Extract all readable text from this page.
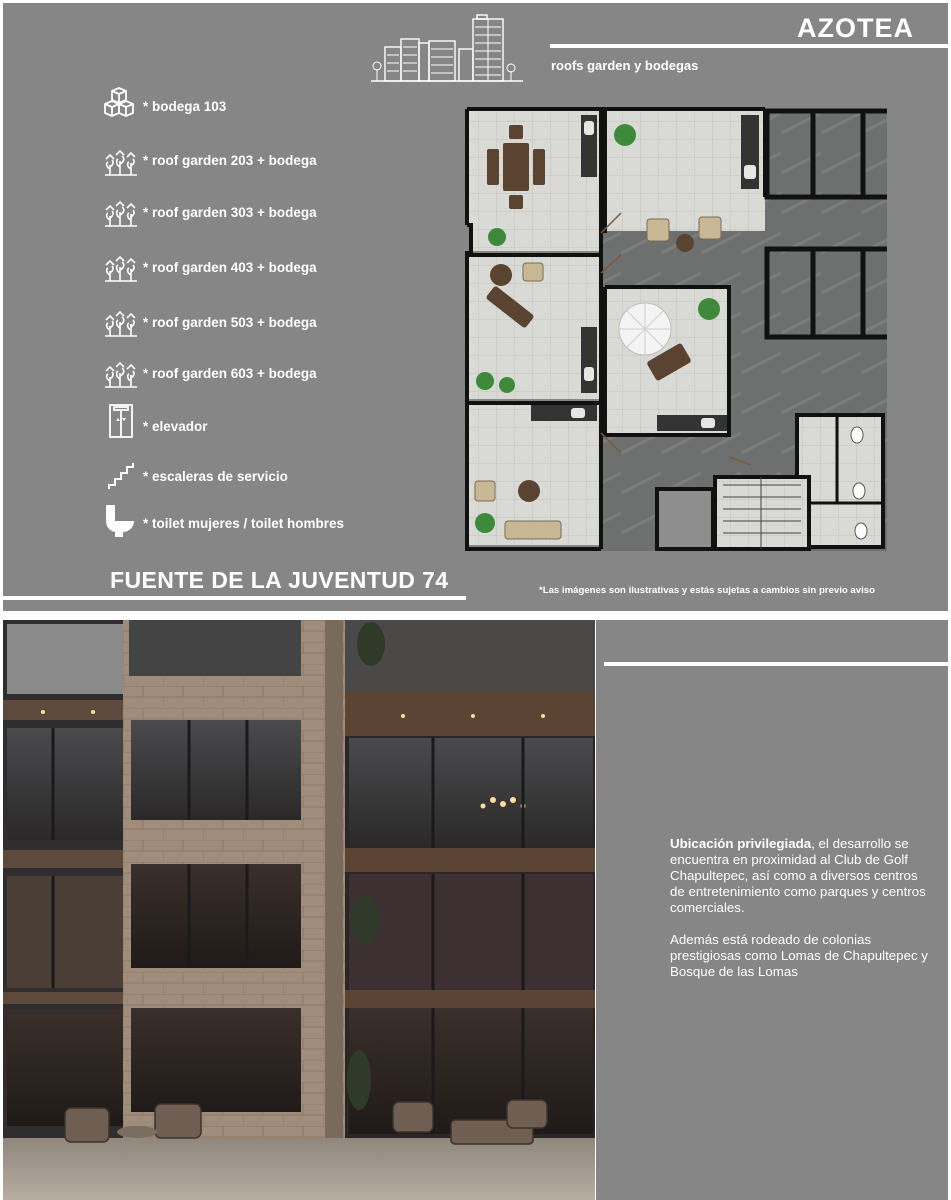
AZOTEA
roofs garden y bodegas
* bodega 103
* roof garden 203 + bodega
* roof garden 303 + bodega
* roof garden 403 + bodega
* roof garden 503 + bodega
* roof garden 603 + bodega
* elevador
* escaleras de servicio
* toilet mujeres / toilet hombres
FUENTE DE LA JUVENTUD 74	*Las imágenes son ilustrativas y estás sujetas a cambios sin previo aviso

Ubicación privilegiada, el desarrollo se encuentra en proximidad al Club de Golf Chapultepec, así como a diversos centros de entretenimiento como parques y centros comerciales.

Además está rodeado de colonias prestigiosas como Lomas de Chapultepec y Bosque de las Lomas
